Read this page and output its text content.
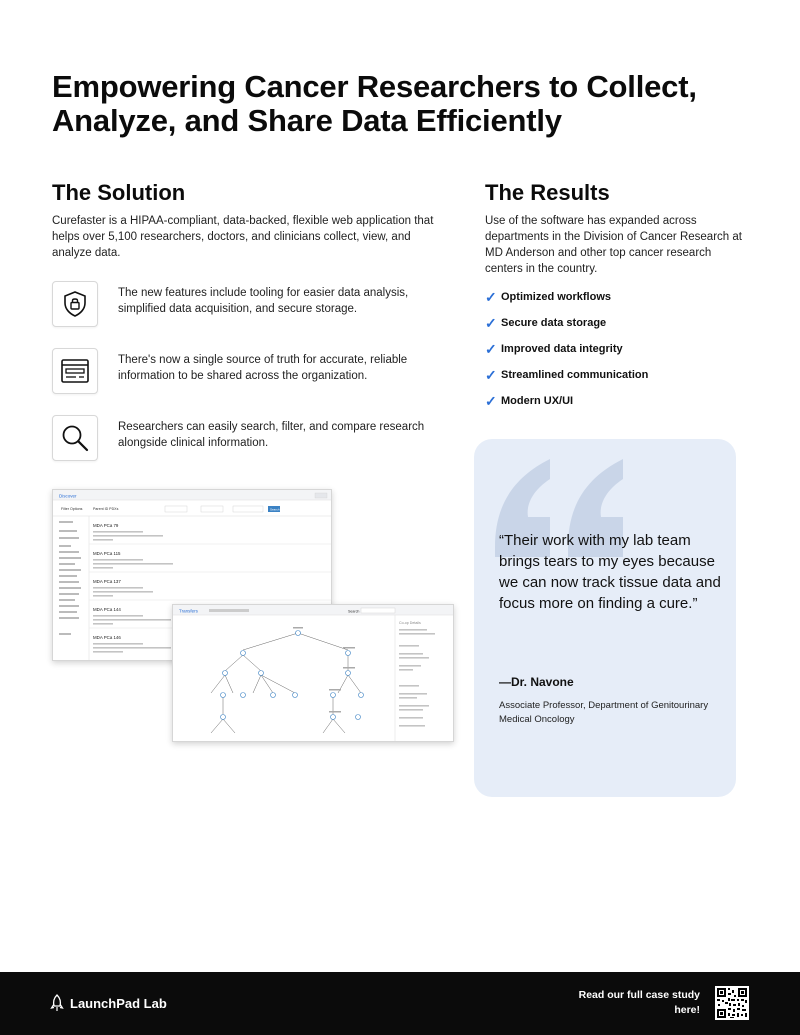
Empowering Cancer Researchers to Collect, Analyze, and Share Data Efficiently
The Solution

Curefaster is a HIPAA-compliant, data-backed, flexible web application that helps over 5,100 researchers, doctors, and clinicians collect, view, and analyze data.

The new features include tooling for easier data analysis, simplified data acquisition, and secure storage.
There's now a single source of truth for accurate, reliable information to be shared across the organization.
Researchers can easily search, filter, and compare research alongside clinical information.
Discover
Filter Options	Parent ID PDXs	Search
MDA PCa 79
MDA PCa 115
MDA PCa 137
MDA PCa 144
MDA PCa 146
Transfers	Search
Co-op Details
The Results

Use of the software has expanded across departments in the Division of Cancer Research at MD Anderson and other top cancer research centers in the country.

✓ Optimized workflows
✓ Secure data storage
✓ Improved data integrity
✓ Streamlined communication
✓ Modern UX/UI
“Their work with my lab team brings tears to my eyes because we can now track tissue data and focus more on finding a cure.”
—Dr. Navone
Associate Professor, Department of Genitourinary Medical Oncology
LaunchPad Lab
Read our full case study here!
